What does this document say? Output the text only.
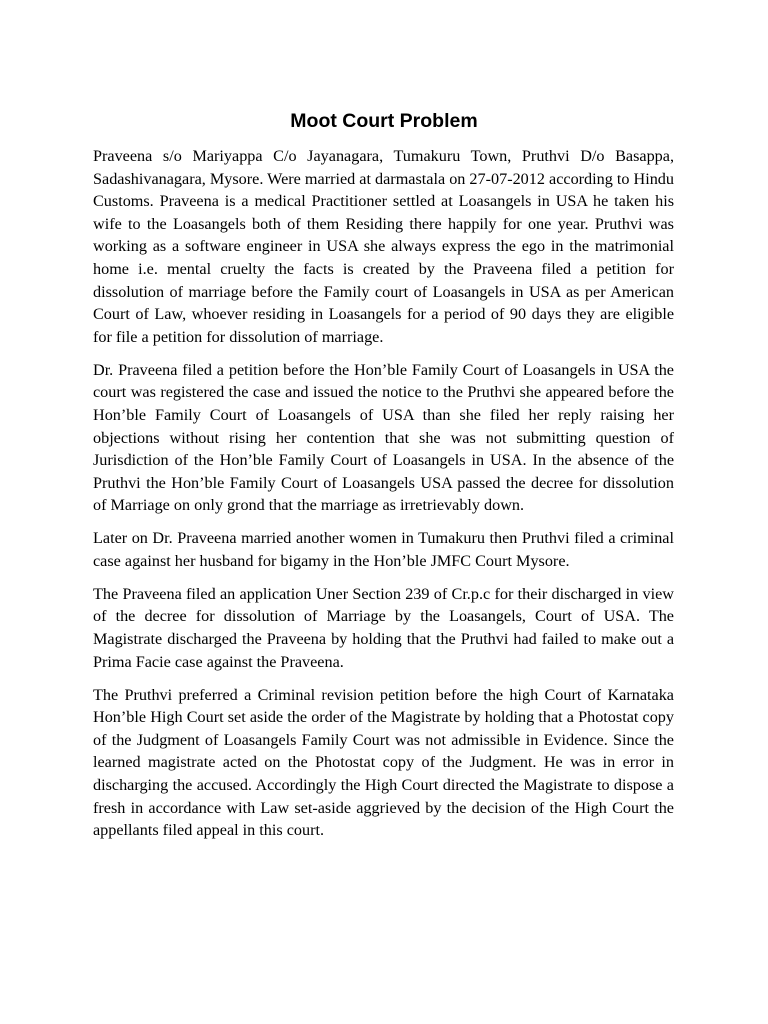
Moot Court Problem

Praveena s/o Mariyappa C/o Jayanagara, Tumakuru Town, Pruthvi D/o Basappa, Sadashivanagara, Mysore. Were married at darmastala on 27-07-2012 according to Hindu Customs. Praveena is a medical Practitioner settled at Loasangels in USA he taken his wife to the Loasangels both of them Residing there happily for one year. Pruthvi was working as a software engineer in USA she always express the ego in the matrimonial home i.e. mental cruelty the facts is created by the Praveena filed a petition for dissolution of marriage before the Family court of Loasangels in USA as per American Court of Law, whoever residing in Loasangels for a period of 90 days they are eligible for file a petition for dissolution of marriage.

Dr. Praveena filed a petition before the Hon’ble Family Court of Loasangels in USA the court was registered the case and issued the notice to the Pruthvi she appeared before the Hon’ble Family Court of Loasangels of USA than she filed her reply raising her objections without rising her contention that she was not submitting question of Jurisdiction of the Hon’ble Family Court of Loasangels in USA. In the absence of the Pruthvi the Hon’ble Family Court of Loasangels USA passed the decree for dissolution of Marriage on only grond that the marriage as irretrievably down.

Later on Dr. Praveena married another women in Tumakuru then Pruthvi filed a criminal case against her husband for bigamy in the Hon’ble JMFC Court Mysore.

The Praveena filed an application Uner Section 239 of Cr.p.c for their discharged in view of the decree for dissolution of Marriage by the Loasangels, Court of USA. The Magistrate discharged the Praveena by holding that the Pruthvi had failed to make out a Prima Facie case against the Praveena.

The Pruthvi preferred a Criminal revision petition before the high Court of Karnataka Hon’ble High Court set aside the order of the Magistrate by holding that a Photostat copy of the Judgment of Loasangels Family Court was not admissible in Evidence. Since the learned magistrate acted on the Photostat copy of the Judgment. He was in error in discharging the accused. Accordingly the High Court directed the Magistrate to dispose a fresh in accordance with Law set-aside aggrieved by the decision of the High Court the appellants filed appeal in this court.
